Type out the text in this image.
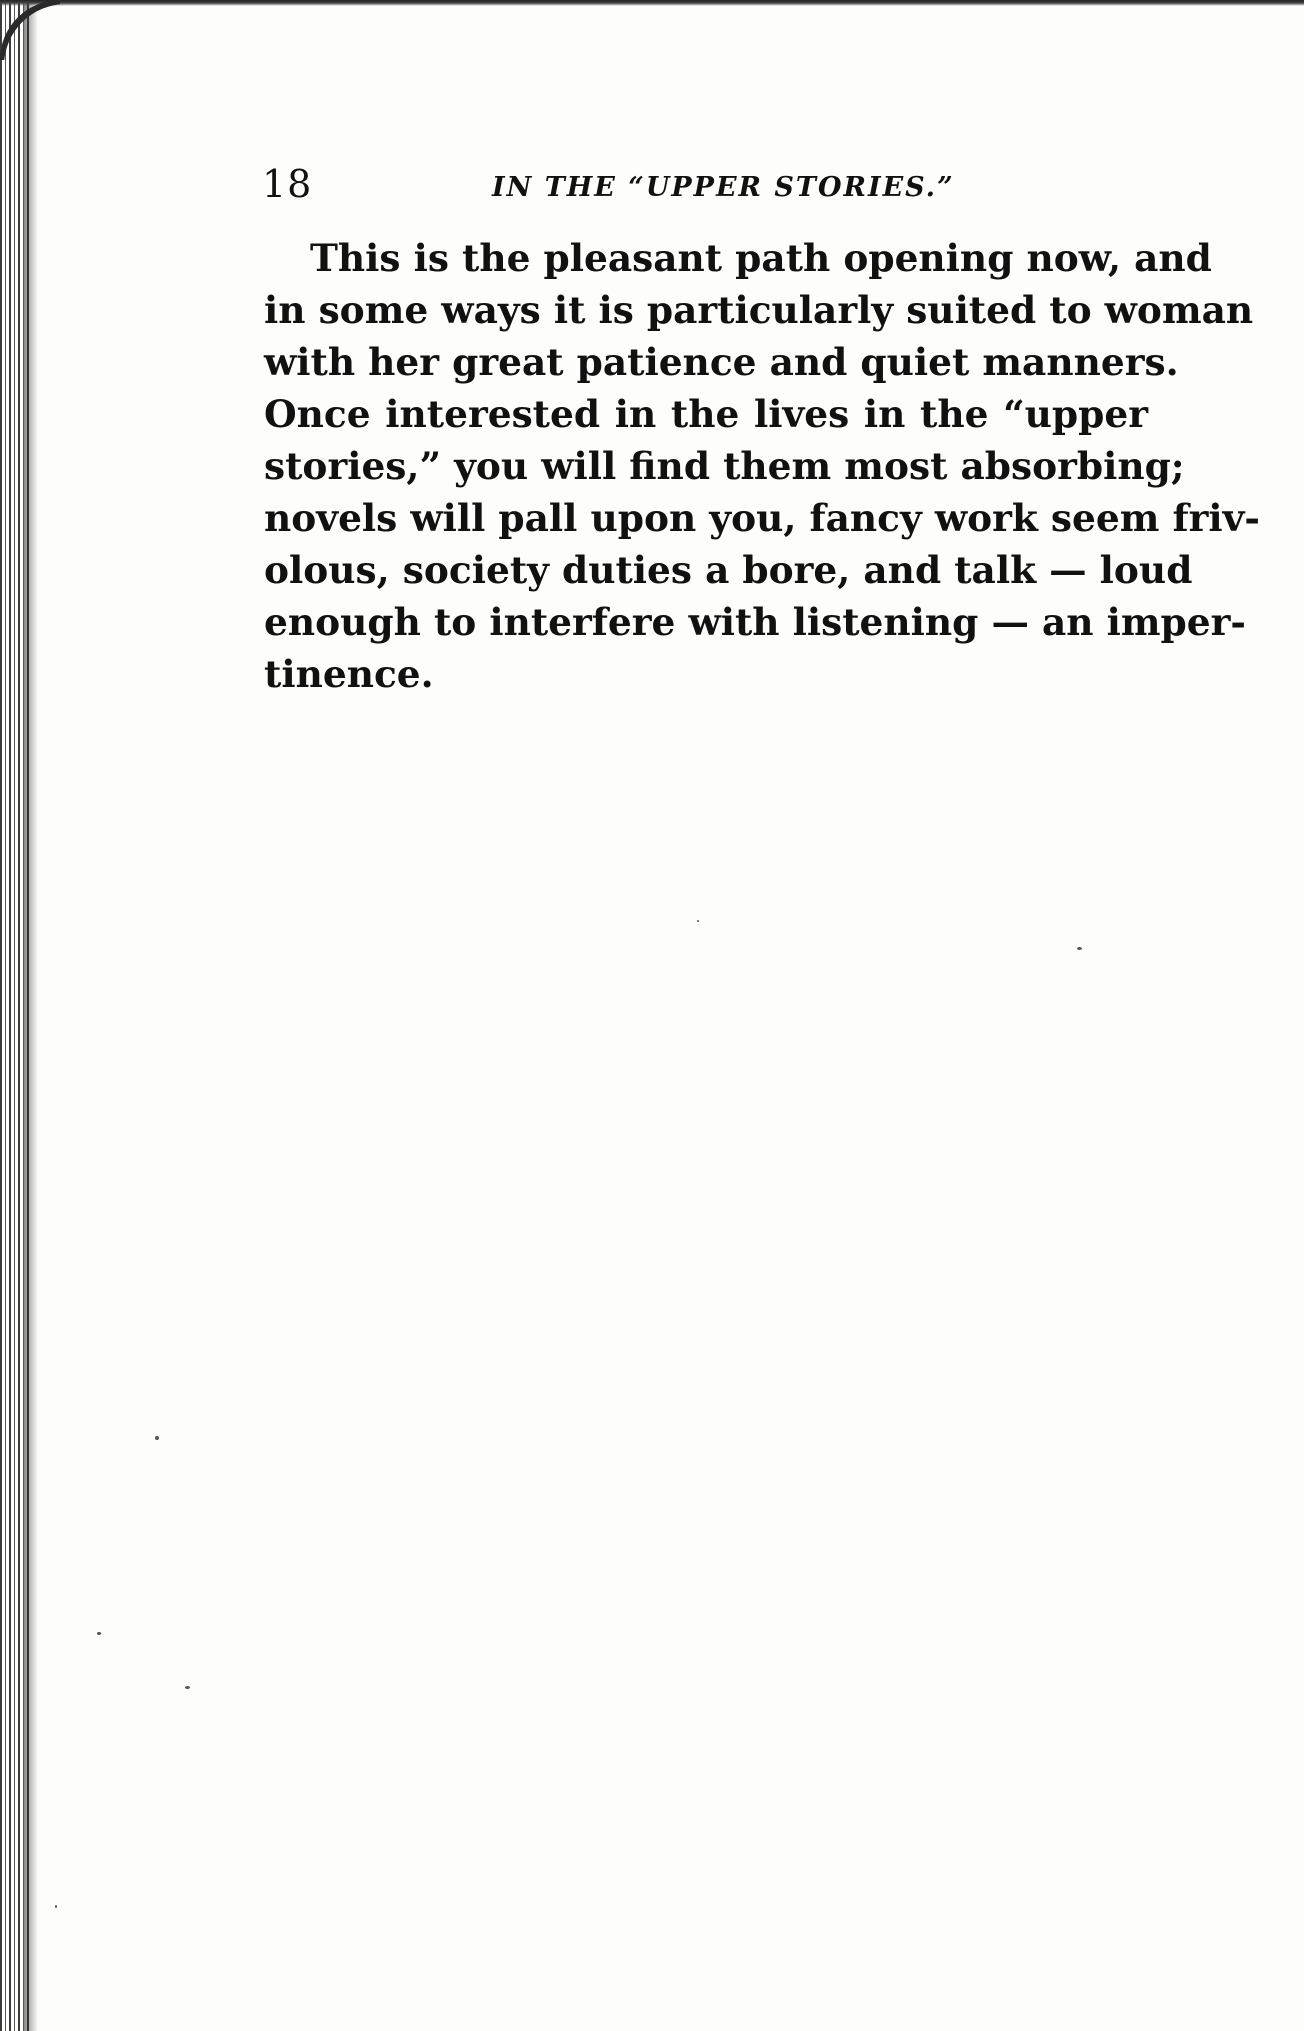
18	IN THE “UPPER STORIES.”
This is the pleasant path opening now, and
in some ways it is particularly suited to woman
with her great patience and quiet manners.
Once interested in the lives in the “upper
stories,” you will find them most absorbing;
novels will pall upon you, fancy work seem friv-
olous, society duties a bore, and talk — loud
enough to interfere with listening — an imper-
tinence.
